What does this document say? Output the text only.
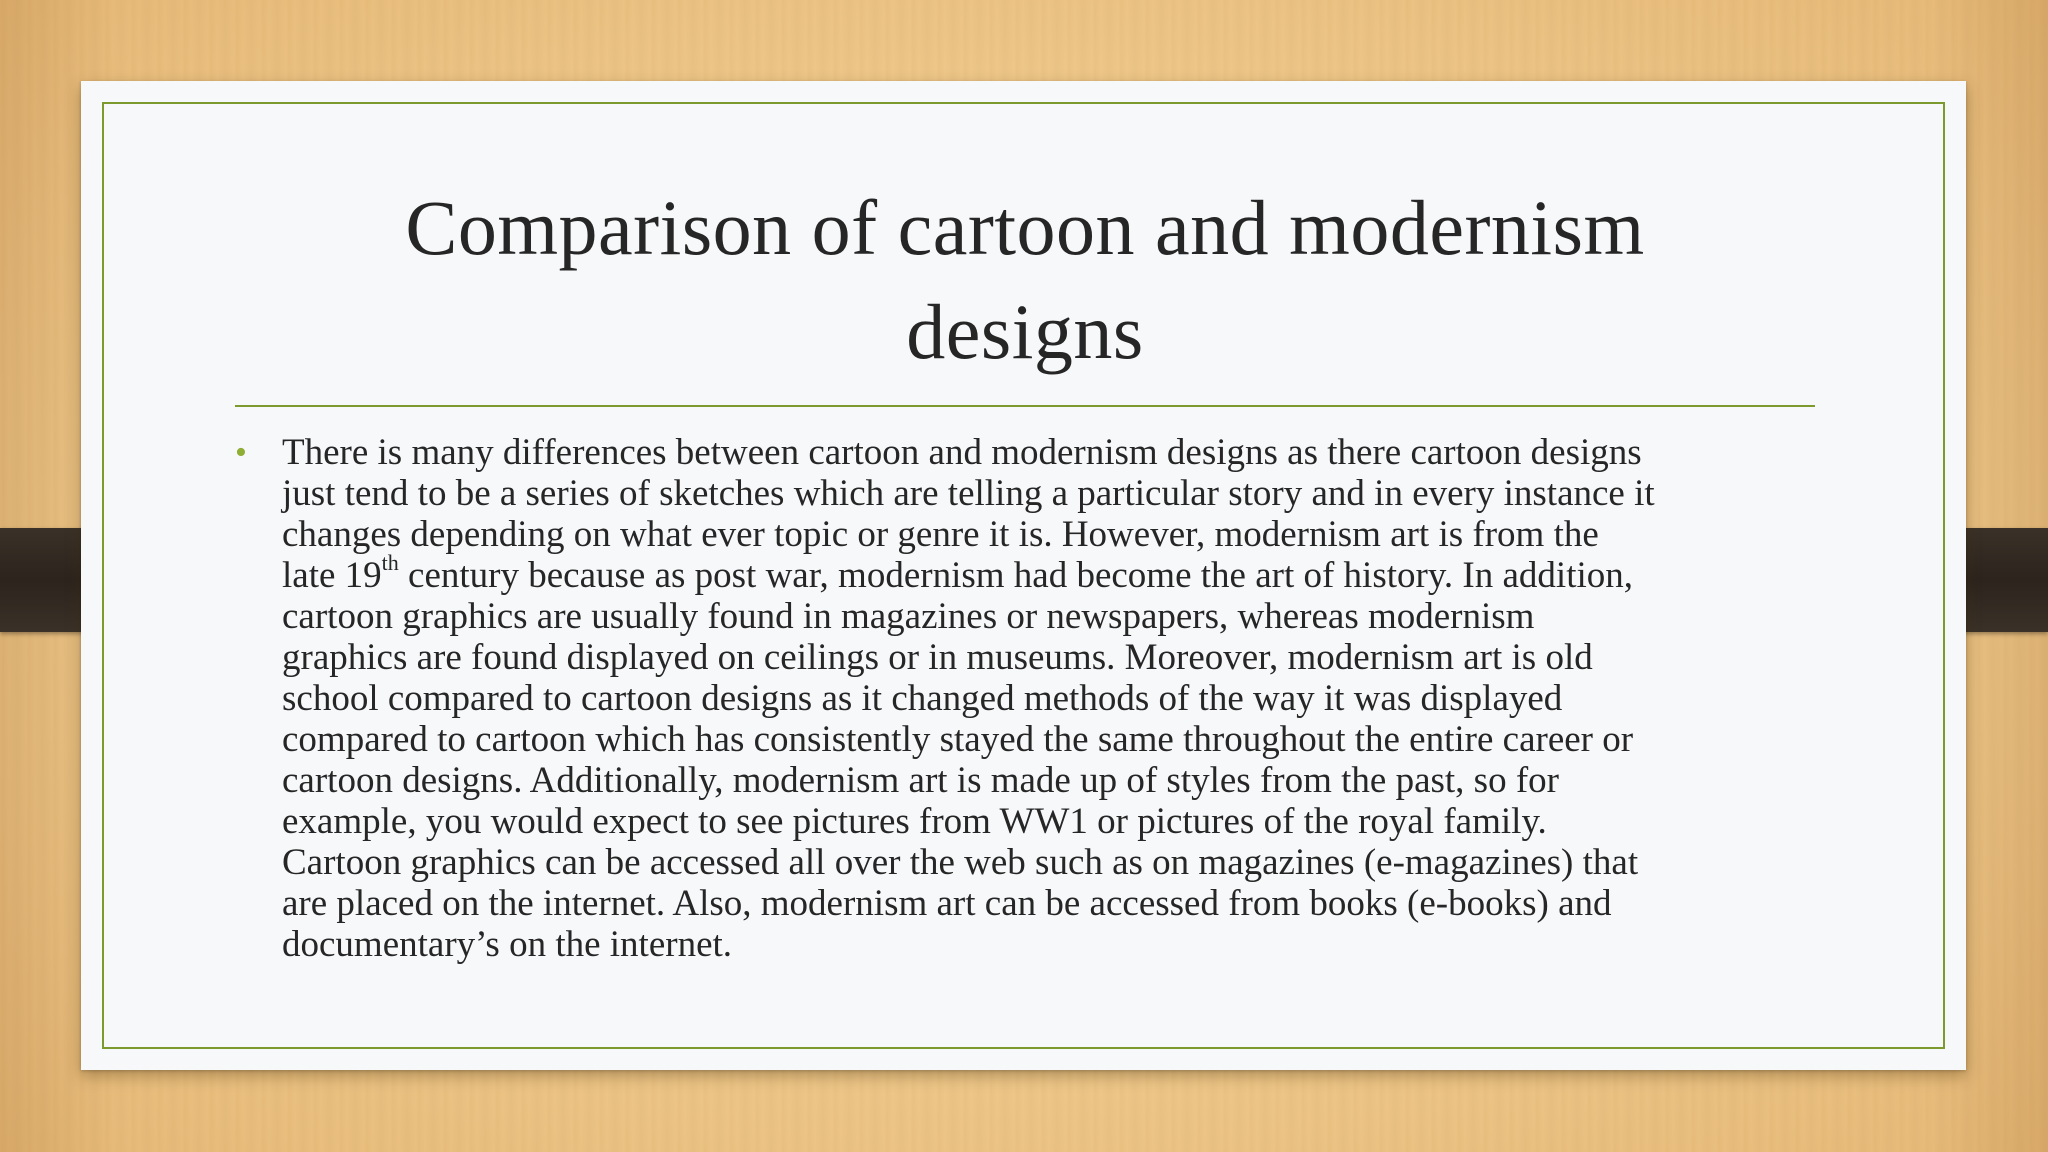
Comparison of cartoon and modernism
designs
• There is many differences between cartoon and modernism designs as there cartoon designs
just tend to be a series of sketches which are telling a particular story and in every instance it
changes depending on what ever topic or genre it is. However, modernism art is from the
late 19th century because as post war, modernism had become the art of history. In addition,
cartoon graphics are usually found in magazines or newspapers, whereas modernism
graphics are found displayed on ceilings or in museums. Moreover, modernism art is old
school compared to cartoon designs as it changed methods of the way it was displayed
compared to cartoon which has consistently stayed the same throughout the entire career or
cartoon designs. Additionally, modernism art is made up of styles from the past, so for
example, you would expect to see pictures from WW1 or pictures of the royal family.
Cartoon graphics can be accessed all over the web such as on magazines (e-magazines) that
are placed on the internet. Also, modernism art can be accessed from books (e-books) and
documentary’s on the internet.
